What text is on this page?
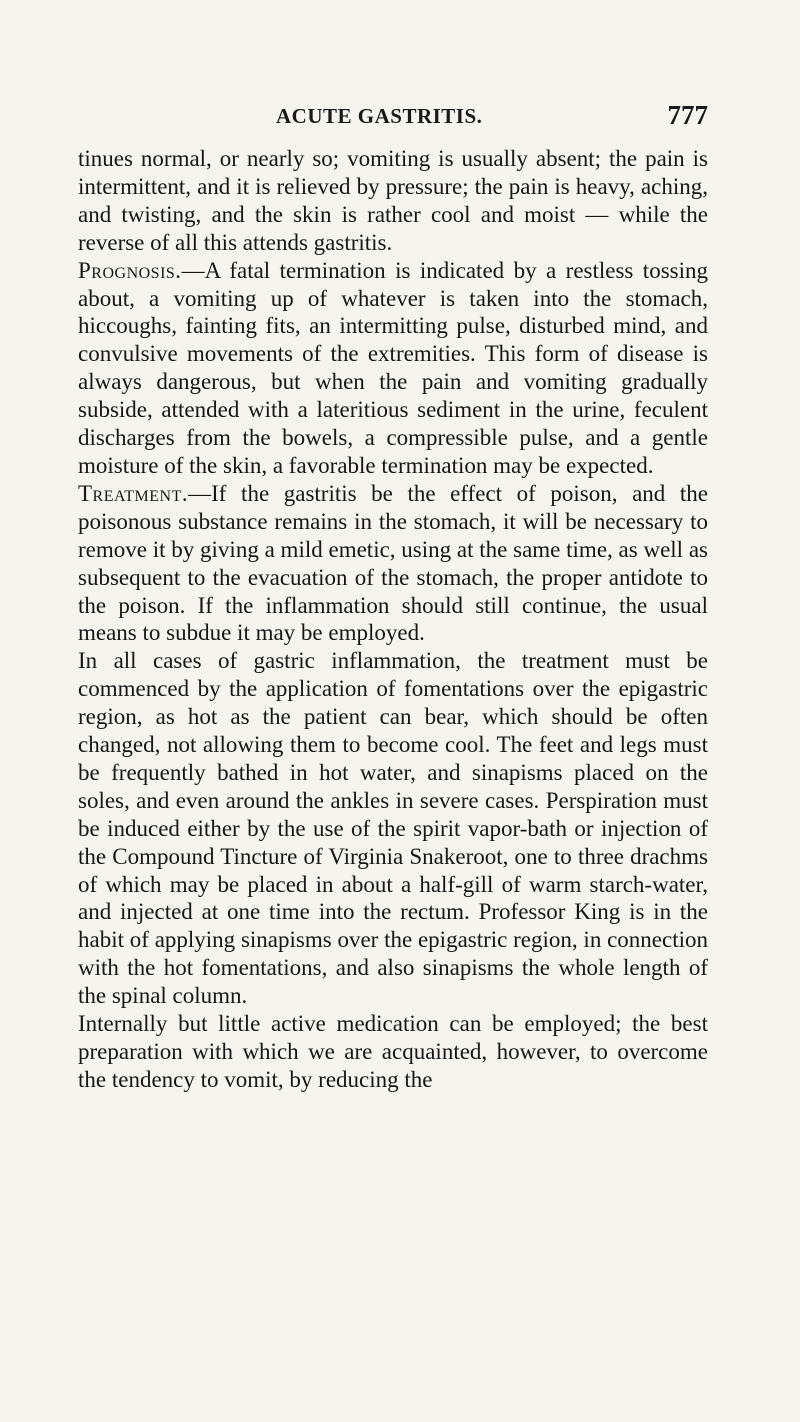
ACUTE GASTRITIS.	777

tinues normal, or nearly so; vomiting is usually absent; the pain is intermittent, and it is relieved by pressure; the pain is heavy, aching, and twisting, and the skin is rather cool and moist — while the reverse of all this attends gastritis.

Prognosis.—A fatal termination is indicated by a restless tossing about, a vomiting up of whatever is taken into the stomach, hiccoughs, fainting fits, an intermitting pulse, disturbed mind, and convulsive movements of the extremities. This form of disease is always dangerous, but when the pain and vomiting gradually subside, attended with a lateritious sediment in the urine, feculent discharges from the bowels, a compressible pulse, and a gentle moisture of the skin, a favorable termination may be expected.

Treatment.—If the gastritis be the effect of poison, and the poisonous substance remains in the stomach, it will be necessary to remove it by giving a mild emetic, using at the same time, as well as subsequent to the evacuation of the stomach, the proper antidote to the poison. If the inflammation should still continue, the usual means to subdue it may be employed.

In all cases of gastric inflammation, the treatment must be commenced by the application of fomentations over the epigastric region, as hot as the patient can bear, which should be often changed, not allowing them to become cool. The feet and legs must be frequently bathed in hot water, and sinapisms placed on the soles, and even around the ankles in severe cases. Perspiration must be induced either by the use of the spirit vapor-bath or injection of the Compound Tincture of Virginia Snakeroot, one to three drachms of which may be placed in about a half-gill of warm starch-water, and injected at one time into the rectum. Professor King is in the habit of applying sinapisms over the epigastric region, in connection with the hot fomentations, and also sinapisms the whole length of the spinal column.

Internally but little active medication can be employed; the best preparation with which we are acquainted, however, to overcome the tendency to vomit, by reducing the
